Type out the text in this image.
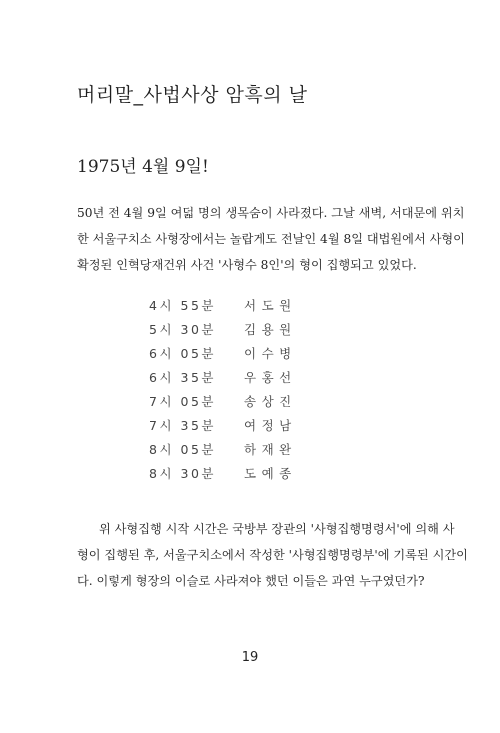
머리말_사법사상 암흑의 날
1975년 4월 9일!
50년 전 4월 9일 여덟 명의 생목숨이 사라졌다. 그날 새벽, 서대문에 위치
한 서울구치소 사형장에서는 놀랍게도 전날인 4월 8일 대법원에서 사형이
확정된 인혁당재건위 사건 '사형수 8인'의 형이 집행되고 있었다.
4시 55분 서도원
5시 30분 김용원
6시 05분 이수병
6시 35분 우홍선
7시 05분 송상진
7시 35분 여정남
8시 05분 하재완
8시 30분 도예종
위 사형집행 시작 시간은 국방부 장관의 '사형집행명령서'에 의해 사
형이 집행된 후, 서울구치소에서 작성한 '사형집행명령부'에 기록된 시간이
다. 이렇게 형장의 이슬로 사라져야 했던 이들은 과연 누구였던가?
19
